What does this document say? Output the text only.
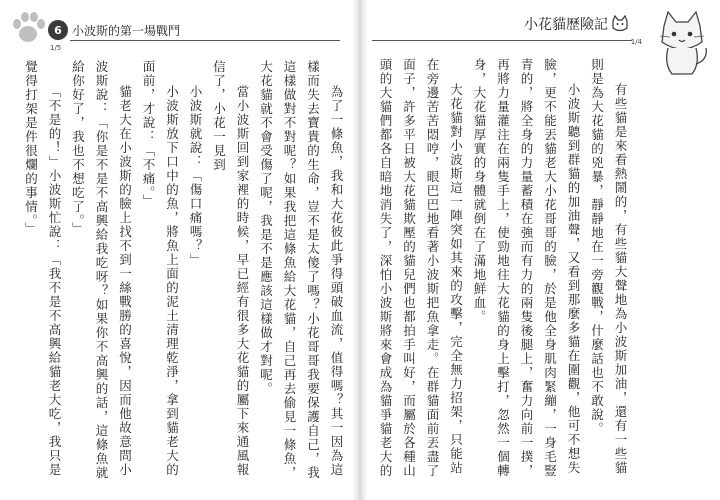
6 小波斯的第一場戰鬥
1/5
為了一條魚，我和大花彼此爭得頭破血流，值得嗎？其一因為這樣而失去寶貴的生命，豈不是太傻了嗎？小花哥哥我要保護自己，我這樣做對不對呢？如果我把這條魚給大花貓，自己再去偷見一條魚，大花貓就不會受傷了呢，我是不是應該這樣做才對呢。
當小波斯回到家裡的時候，早已經有很多大花貓的屬下來通風報信了，小花一見到
小波斯就說：「傷口痛嗎？」
小波斯放下口中的魚，將魚上面的泥土清理乾淨，拿到貓老大的面前，才說：「不痛。」
貓老大在小波斯的臉上找不到一絲戰勝的喜悅，因而他故意問小波斯說：「你是不是不高興給我吃呀？如果你不高興的話，這條魚就給你好了，我也不想吃了。」
「不是的！」小波斯忙說：「我不是不高興給貓老大吃，我只是覺得打架是件很爛的事情。」
小花貓歷險記
1/4
有些貓是來看熱鬧的，有些貓大聲地為小波斯加油，還有一些貓則是為大花貓的兇暴，靜靜地在一旁觀戰，什麼話也不敢說。
小波斯聽到群貓的加油聲，又看到那麼多貓在圍觀，他可不想失臉，更不能丟貓老大小花哥哥的臉，於是他全身肌肉緊繃，一身毛豎青的，將全身的力量蓄積在強而有力的兩隻後腿上，奮力向前一撲，再將力量灌注在兩隻手上，使勁地往大花貓的身上擊打，忽然一個轉身，大花貓厚實的身體就倒在了滿地鮮血。
大花貓對小波斯這一陣突如其來的攻擊，完全無力招架，只能站在旁邊苦苦悶哼，眼巴巴地看著小波斯把魚拿走。在群貓面前丟盡了面子，許多平日被大花貓欺壓的貓兒們也都拍手叫好，而屬於各種山頭的大貓們都各自暗地消失了，深怕小波斯將來會成為貓爭貓老大的
